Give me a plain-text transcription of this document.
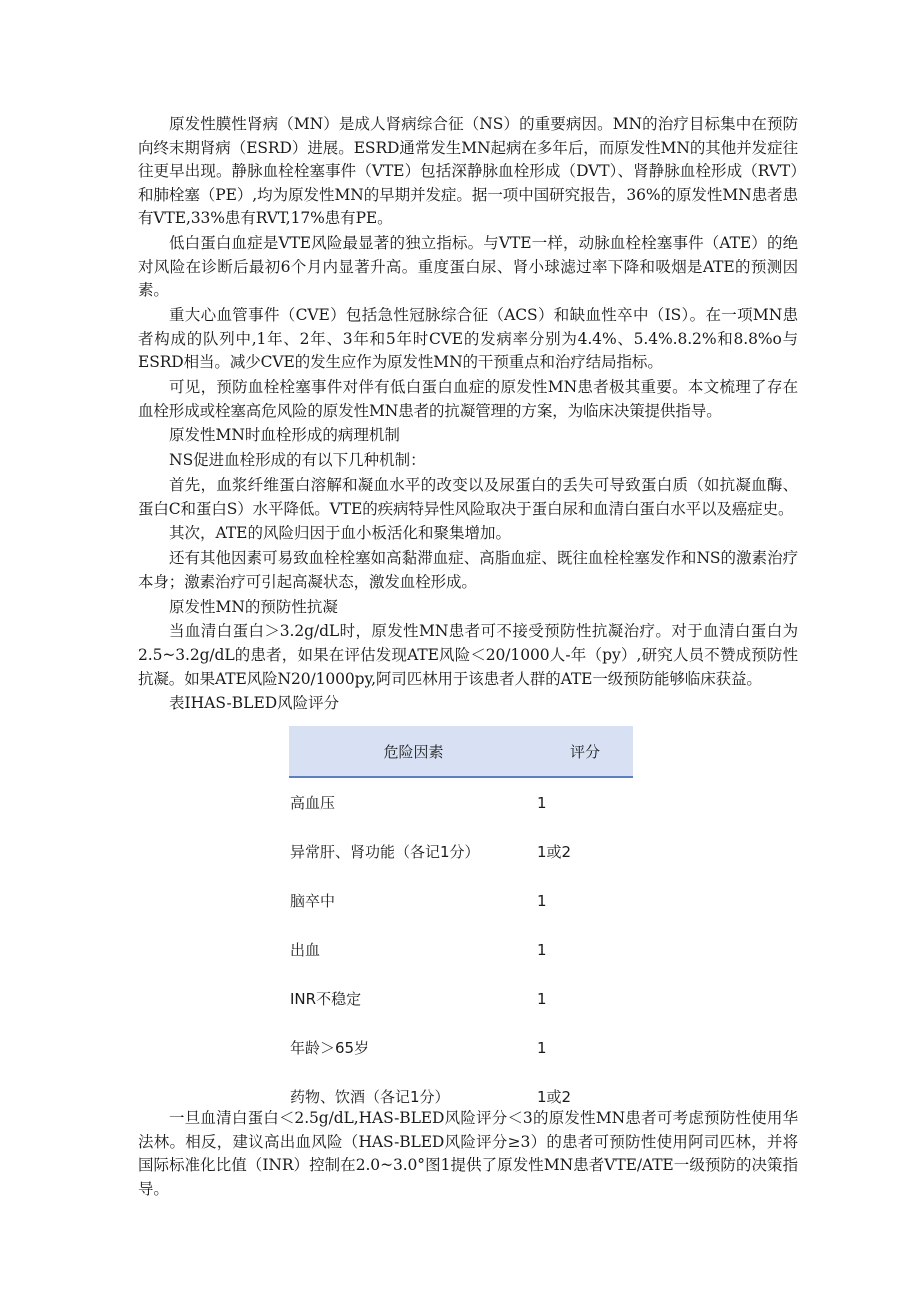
原发性膜性肾病（MN）是成人肾病综合征（NS）的重要病因。MN的治疗目标集中在预防向终末期肾病（ESRD）进展。ESRD通常发生MN起病在多年后，而原发性MN的其他并发症往往更早出现。静脉血栓栓塞事件（VTE）包括深静脉血栓形成（DVT）、肾静脉血栓形成（RVT）和肺栓塞（PE）,均为原发性MN的早期并发症。据一项中国研究报告，36%的原发性MN患者患有VTE,33%患有RVT,17%患有PE。

低白蛋白血症是VTE风险最显著的独立指标。与VTE一样，动脉血栓栓塞事件（ATE）的绝对风险在诊断后最初6个月内显著升高。重度蛋白尿、肾小球滤过率下降和吸烟是ATE的预测因素。

重大心血管事件（CVE）包括急性冠脉综合征（ACS）和缺血性卒中（IS）。在一项MN患者构成的队列中,1年、2年、3年和5年时CVE的发病率分别为4.4%、5.4%.8.2%和8.8%o与ESRD相当。减少CVE的发生应作为原发性MN的干预重点和治疗结局指标。

可见，预防血栓栓塞事件对伴有低白蛋白血症的原发性MN患者极其重要。本文梳理了存在血栓形成或栓塞高危风险的原发性MN患者的抗凝管理的方案，为临床决策提供指导。

原发性MN时血栓形成的病理机制

NS促进血栓形成的有以下几种机制：

首先，血浆纤维蛋白溶解和凝血水平的改变以及尿蛋白的丢失可导致蛋白质（如抗凝血酶、蛋白C和蛋白S）水平降低。VTE的疾病特异性风险取决于蛋白尿和血清白蛋白水平以及癌症史。

其次，ATE的风险归因于血小板活化和聚集增加。

还有其他因素可易致血栓栓塞如高黏滞血症、高脂血症、既往血栓栓塞发作和NS的激素治疗本身；激素治疗可引起高凝状态，激发血栓形成。

原发性MN的预防性抗凝

当血清白蛋白＞3.2g/dL时，原发性MN患者可不接受预防性抗凝治疗。对于血清白蛋白为2.5~3.2g/dL的患者，如果在评估发现ATE风险＜20/1000人-年（py）,研究人员不赞成预防性抗凝。如果ATE风险N20∕1000py,阿司匹林用于该患者人群的ATE一级预防能够临床获益。

表IHAS-BLED风险评分

危险因素	评分
高血压	1
异常肝、肾功能（各记1分）	1或2
脑卒中	1
出血	1
INR不稳定	1
年龄＞65岁	1
药物、饮酒（各记1分）	1或2

一旦血清白蛋白＜2.5g/dL,HAS-BLED风险评分＜3的原发性MN患者可考虑预防性使用华法林。相反，建议高出血风险（HAS-BLED风险评分≥3）的患者可预防性使用阿司匹林，并将国际标准化比值（INR）控制在2.0~3.0°图1提供了原发性MN患者VTE/ATE一级预防的决策指导。
